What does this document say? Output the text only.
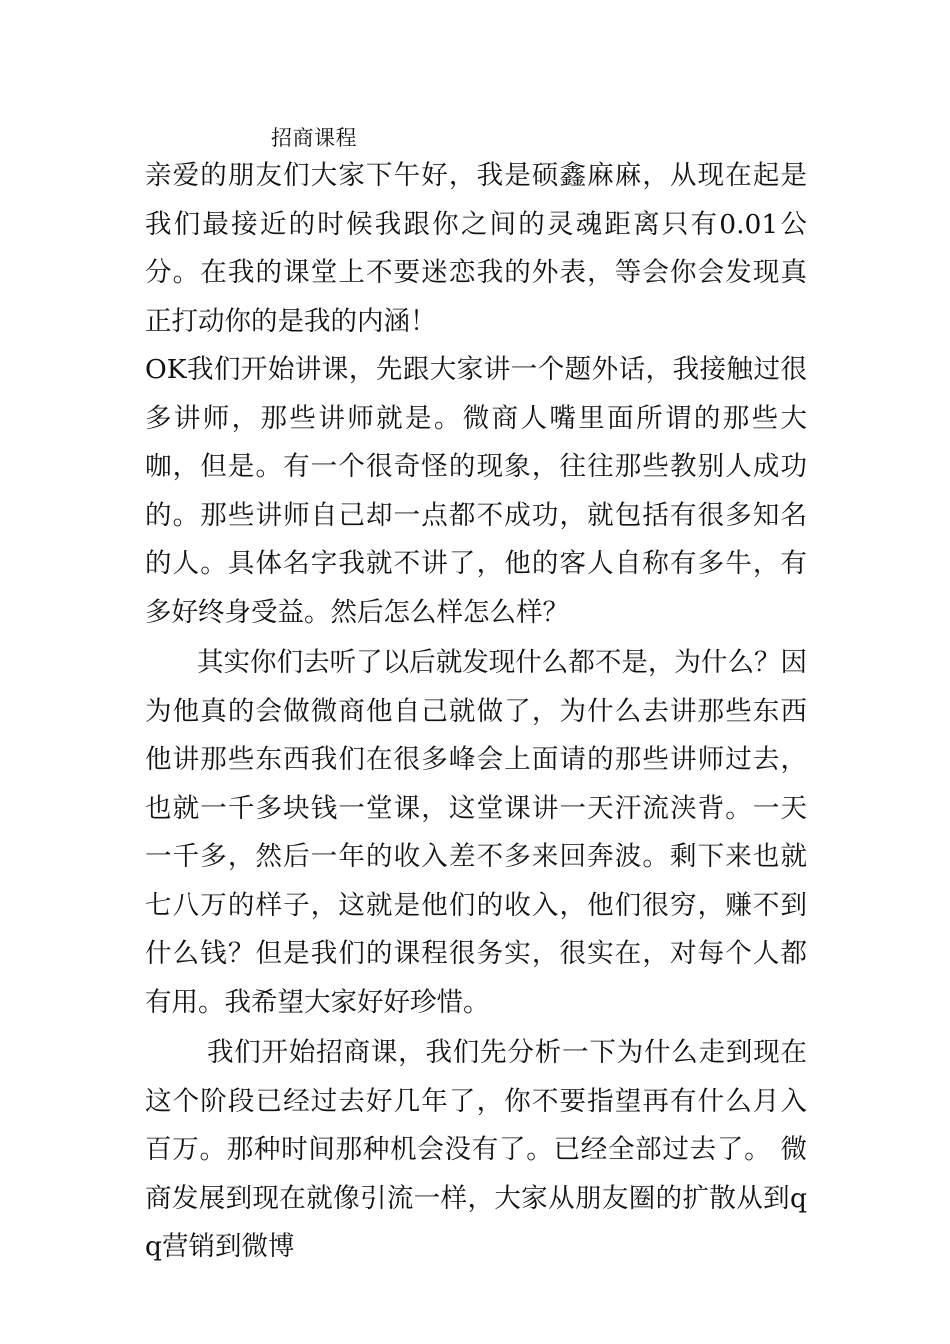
招商课程

亲爱的朋友们大家下午好，我是硕鑫麻麻，从现在起是我们最接近的时候我跟你之间的灵魂距离只有0.01公分。在我的课堂上不要迷恋我的外表，等会你会发现真正打动你的是我的内涵！

OK我们开始讲课，先跟大家讲一个题外话，我接触过很多讲师，那些讲师就是。微商人嘴里面所谓的那些大咖，但是。有一个很奇怪的现象，往往那些教别人成功的。那些讲师自己却一点都不成功，就包括有很多知名的人。具体名字我就不讲了，他的客人自称有多牛，有多好终身受益。然后怎么样怎么样？

其实你们去听了以后就发现什么都不是，为什么？因为他真的会做微商他自己就做了，为什么去讲那些东西他讲那些东西我们在很多峰会上面请的那些讲师过去，也就一千多块钱一堂课，这堂课讲一天汗流浃背。一天一千多，然后一年的收入差不多来回奔波。剩下来也就七八万的样子，这就是他们的收入，他们很穷，赚不到什么钱？但是我们的课程很务实，很实在，对每个人都有用。我希望大家好好珍惜。

我们开始招商课，我们先分析一下为什么走到现在这个阶段已经过去好几年了，你不要指望再有什么月入百万。那种时间那种机会没有了。已经全部过去了。 微商发展到现在就像引流一样，大家从朋友圈的扩散从到qq营销到微博
